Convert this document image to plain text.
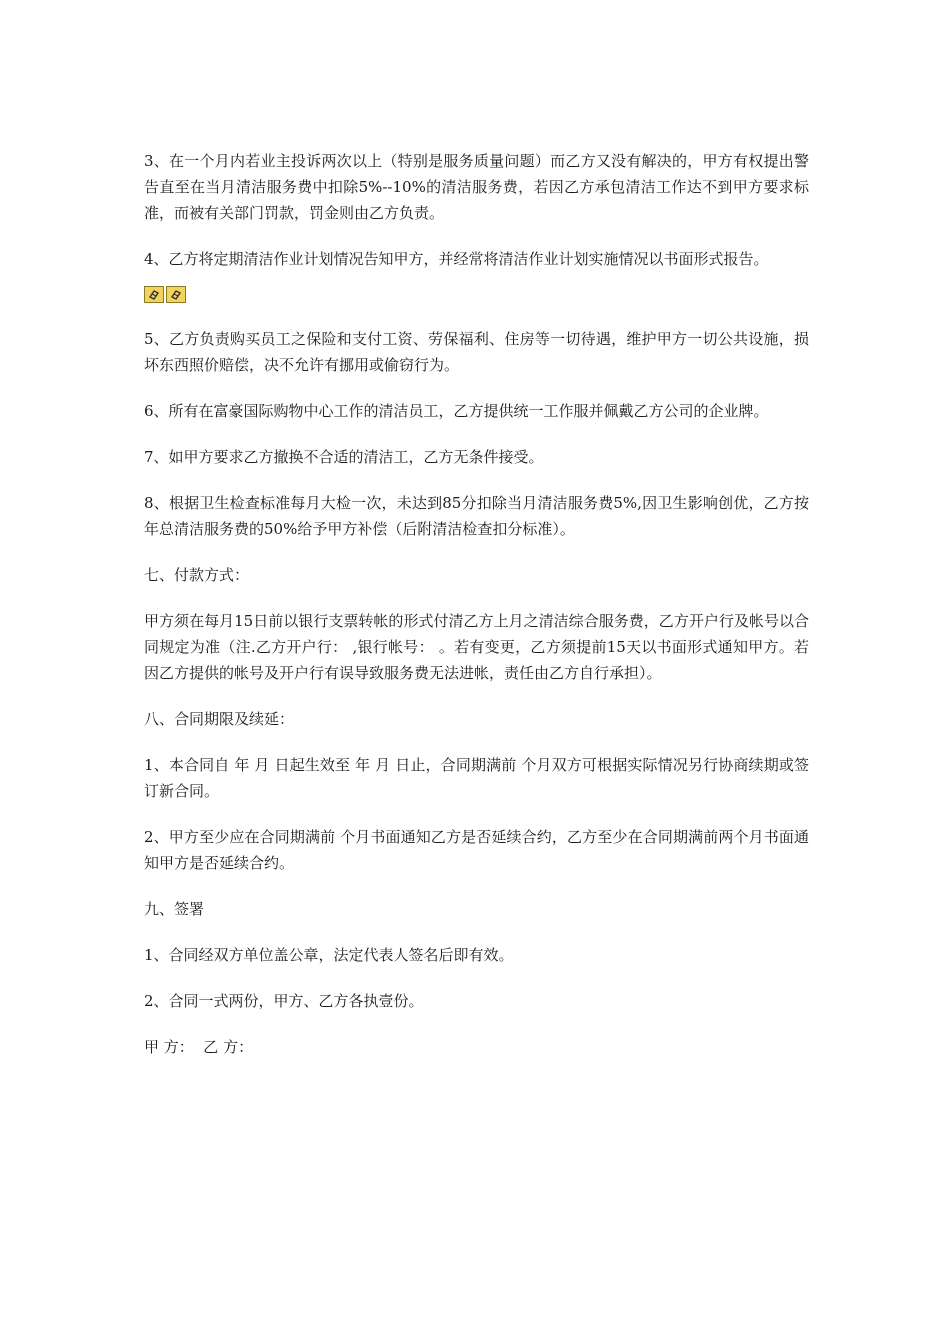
3、在一个月内若业主投诉两次以上（特别是服务质量问题）而乙方又没有解决的，甲方有权提出警告直至在当月清洁服务费中扣除5%--10%的清洁服务费，若因乙方承包清洁工作达不到甲方要求标准，而被有关部门罚款，罚金则由乙方负责。

4、乙方将定期清洁作业计划情况告知甲方，并经常将清洁作业计划实施情况以书面形式报告。

5、乙方负责购买员工之保险和支付工资、劳保福利、住房等一切待遇，维护甲方一切公共设施，损坏东西照价赔偿，决不允许有挪用或偷窃行为。

6、所有在富豪国际购物中心工作的清洁员工，乙方提供统一工作服并佩戴乙方公司的企业牌。

7、如甲方要求乙方撤换不合适的清洁工，乙方无条件接受。

8、根据卫生检查标准每月大检一次，未达到85分扣除当月清洁服务费5%,因卫生影响创优，乙方按年总清洁服务费的50%给予甲方补偿（后附清洁检查扣分标准）。

七、付款方式：

甲方须在每月15日前以银行支票转帐的形式付清乙方上月之清洁综合服务费，乙方开户行及帐号以合同规定为准（注.乙方开户行： ,银行帐号： 。若有变更，乙方须提前15天以书面形式通知甲方。若因乙方提供的帐号及开户行有误导致服务费无法进帐，责任由乙方自行承担）。

八、合同期限及续延：

1、本合同自 年 月 日起生效至 年 月 日止，合同期满前 个月双方可根据实际情况另行协商续期或签订新合同。

2、甲方至少应在合同期满前 个月书面通知乙方是否延续合约，乙方至少在合同期满前两个月书面通知甲方是否延续合约。

九、签署

1、合同经双方单位盖公章，法定代表人签名后即有效。

2、合同一式两份，甲方、乙方各执壹份。

甲 方：  乙 方：
